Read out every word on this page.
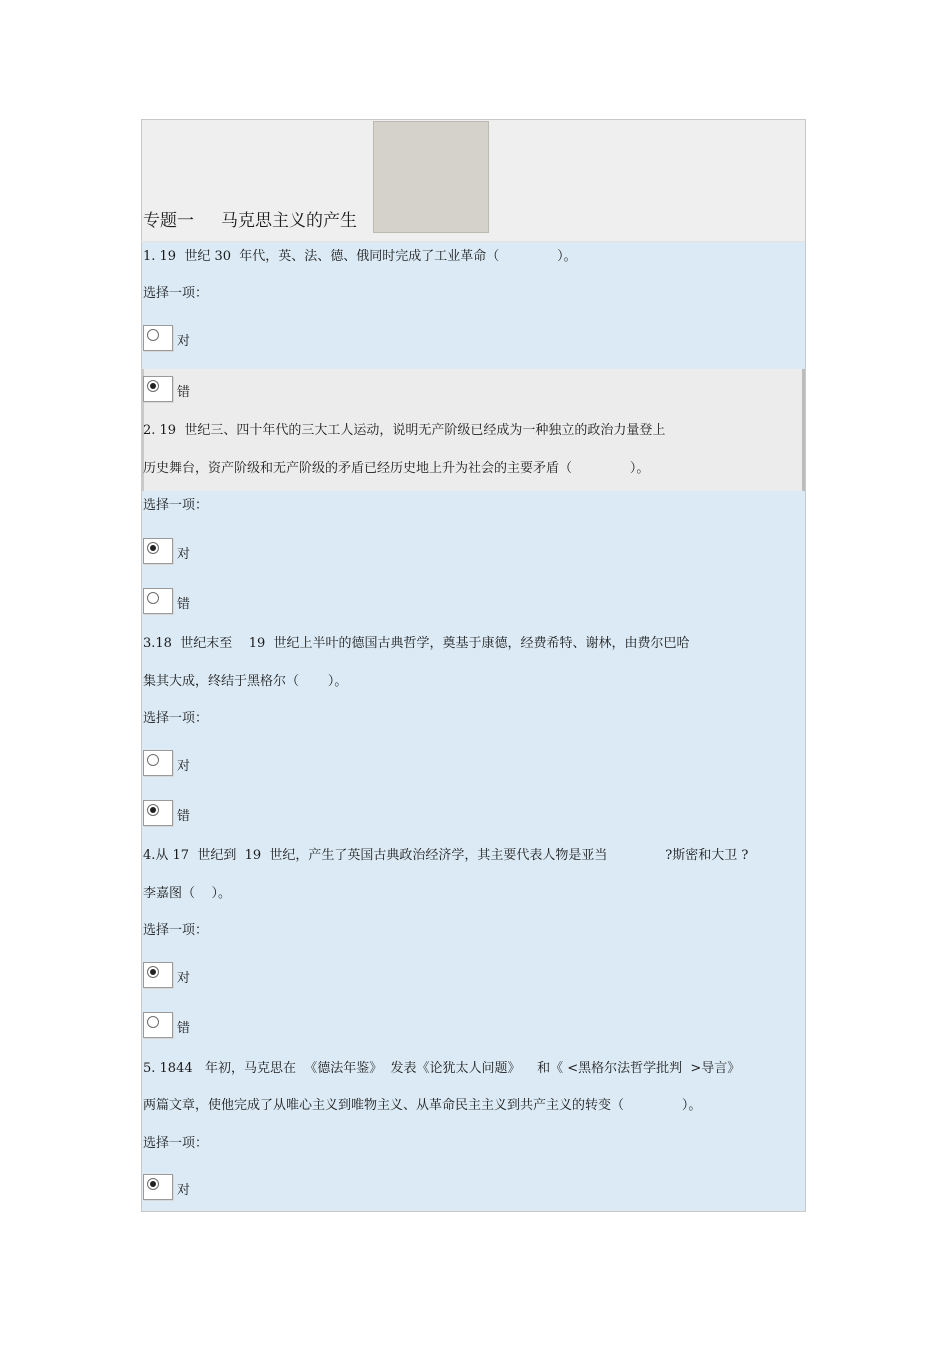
专题一     马克思主义的产生
1. 19  世纪 30  年代，英、法、德、俄同时完成了工业革命（              ）。
选择一项：
对
错
2. 19  世纪三、四十年代的三大工人运动，说明无产阶级已经成为一种独立的政治力量登上
历史舞台，资产阶级和无产阶级的矛盾已经历史地上升为社会的主要矛盾（              ）。
选择一项：
对
错
3.18  世纪末至    19  世纪上半叶的德国古典哲学，奠基于康德，经费希特、谢林，由费尔巴哈
集其大成，终结于黑格尔（       ）。
选择一项：
对
错
4.从 17  世纪到  19  世纪，产生了英国古典政治经济学，其主要代表人物是亚当              ?斯密和大卫 ?
李嘉图（    ）。
选择一项：
对
错
5. 1844   年初，马克思在  《德法年鉴》  发表《论犹太人问题》    和《 <黑格尔法哲学批判  >导言》
两篇文章，使他完成了从唯心主义到唯物主义、从革命民主主义到共产主义的转变（              ）。
选择一项：
对
